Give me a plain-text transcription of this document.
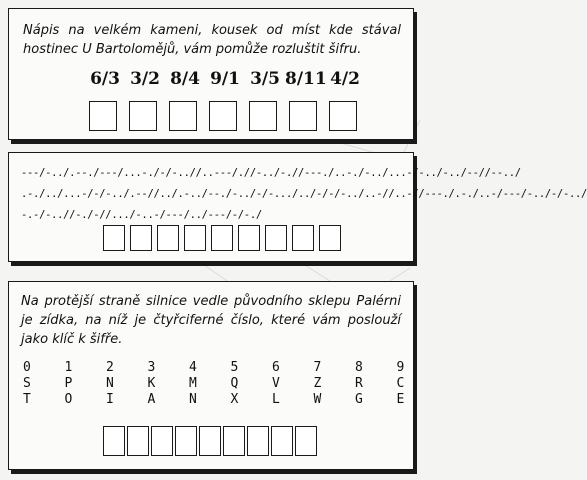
Nápis na velkém kameni, kousek od míst kde stával hostinec U Bartolomějů, vám pomůže rozluštit šifru.

6/3 3/2 8/4 9/1 3/5 8/11 4/2
---/-../.--./---/...-./-/-..//..---/.//-../-.//---./..-./-../...-/-../-../--//--../
.-./../...-/-/-../.--//../.-../--./-../-/-.../../-/-/-../..-//..-//---./.-./..-/---/-../-/-../
-.-/-..//-./-//.../-..-/---/../---/-/-./

Na protější straně silnice vedle původního sklepu Palérni je zídka, na níž je čtyřciferné číslo, které vám poslouží jako klíč k šifře.

0	1	2	3	4	5	6	7	8	9
S	P	N	K	M	Q	V	Z	R	C
T	O	I	A	N	X	L	W	G	E
